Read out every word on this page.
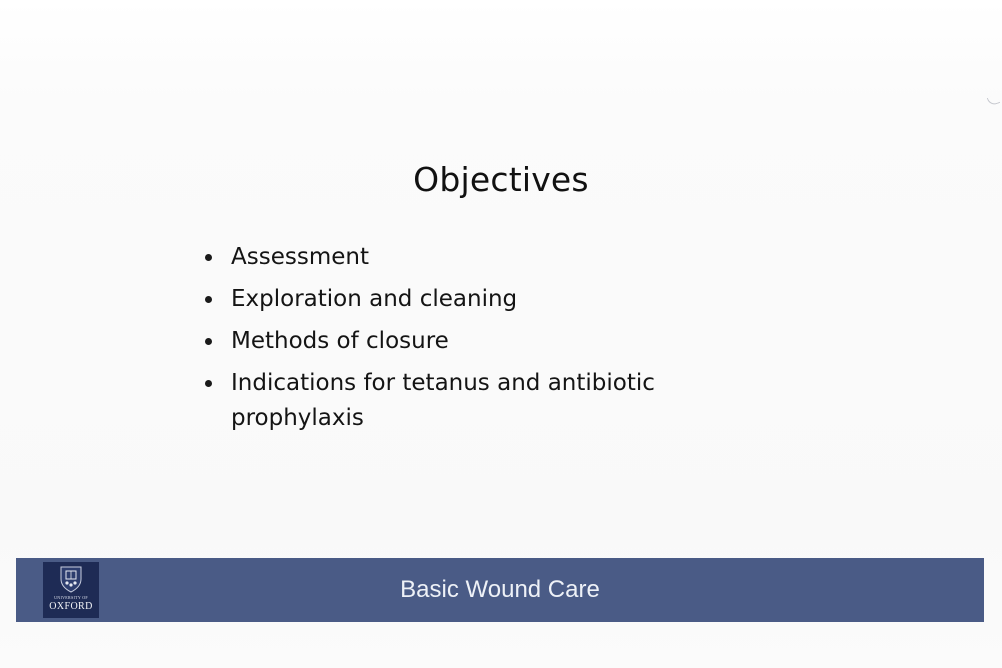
Objectives
Assessment
Exploration and cleaning
Methods of closure
Indications for tetanus and antibiotic prophylaxis
UNIVERSITY OF
OXFORD
Basic Wound Care
